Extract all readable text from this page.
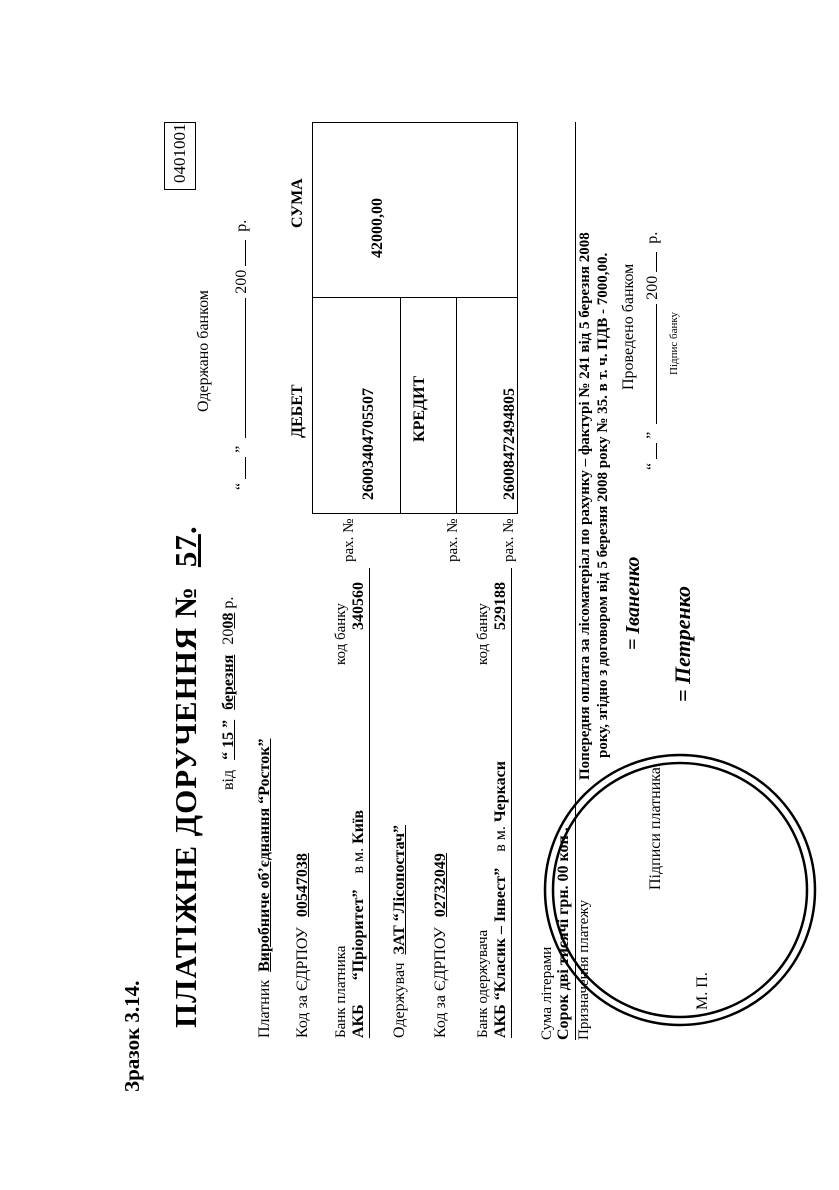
Зразок 3.14.
0401001
ПЛАТІЖНЕ ДОРУЧЕННЯ № 57.
від “ 15 ” березня 2008 р.
Платник Виробниче об’єднання “Росток”
Код за ЄДРПОУ 00547038
Банк платника
код банку
АКБ “Пріоритет” в м. Київ
340560
Одержувач ЗАТ “Лісопостач”
Код за ЄДРПОУ 02732049
Банк одержувача
код банку
АКБ “Класик – Інвест” в м. Черкаси
529188
Одержано банком
“  ”  200  р.
ДЕБЕТ
СУМА
КРЕДИТ
рах. №
26003404705507
рах. №	рах. №
26008472494805
42000,00
Сума літерами Сорок дві тисячі грн. 00 коп . Призначення платежу
Попередня оплата за лісоматеріал по рахунку – фактурі № 241 від 5 березня 2008 року, згідно з договором від 5 березня 2008 року № 35. в т. ч. ПДВ - 7000,00. Проведено банком
“  ”  200  р.
Підпис банку
= Іваненко
Підписи платника
= Петренко
М. П.
